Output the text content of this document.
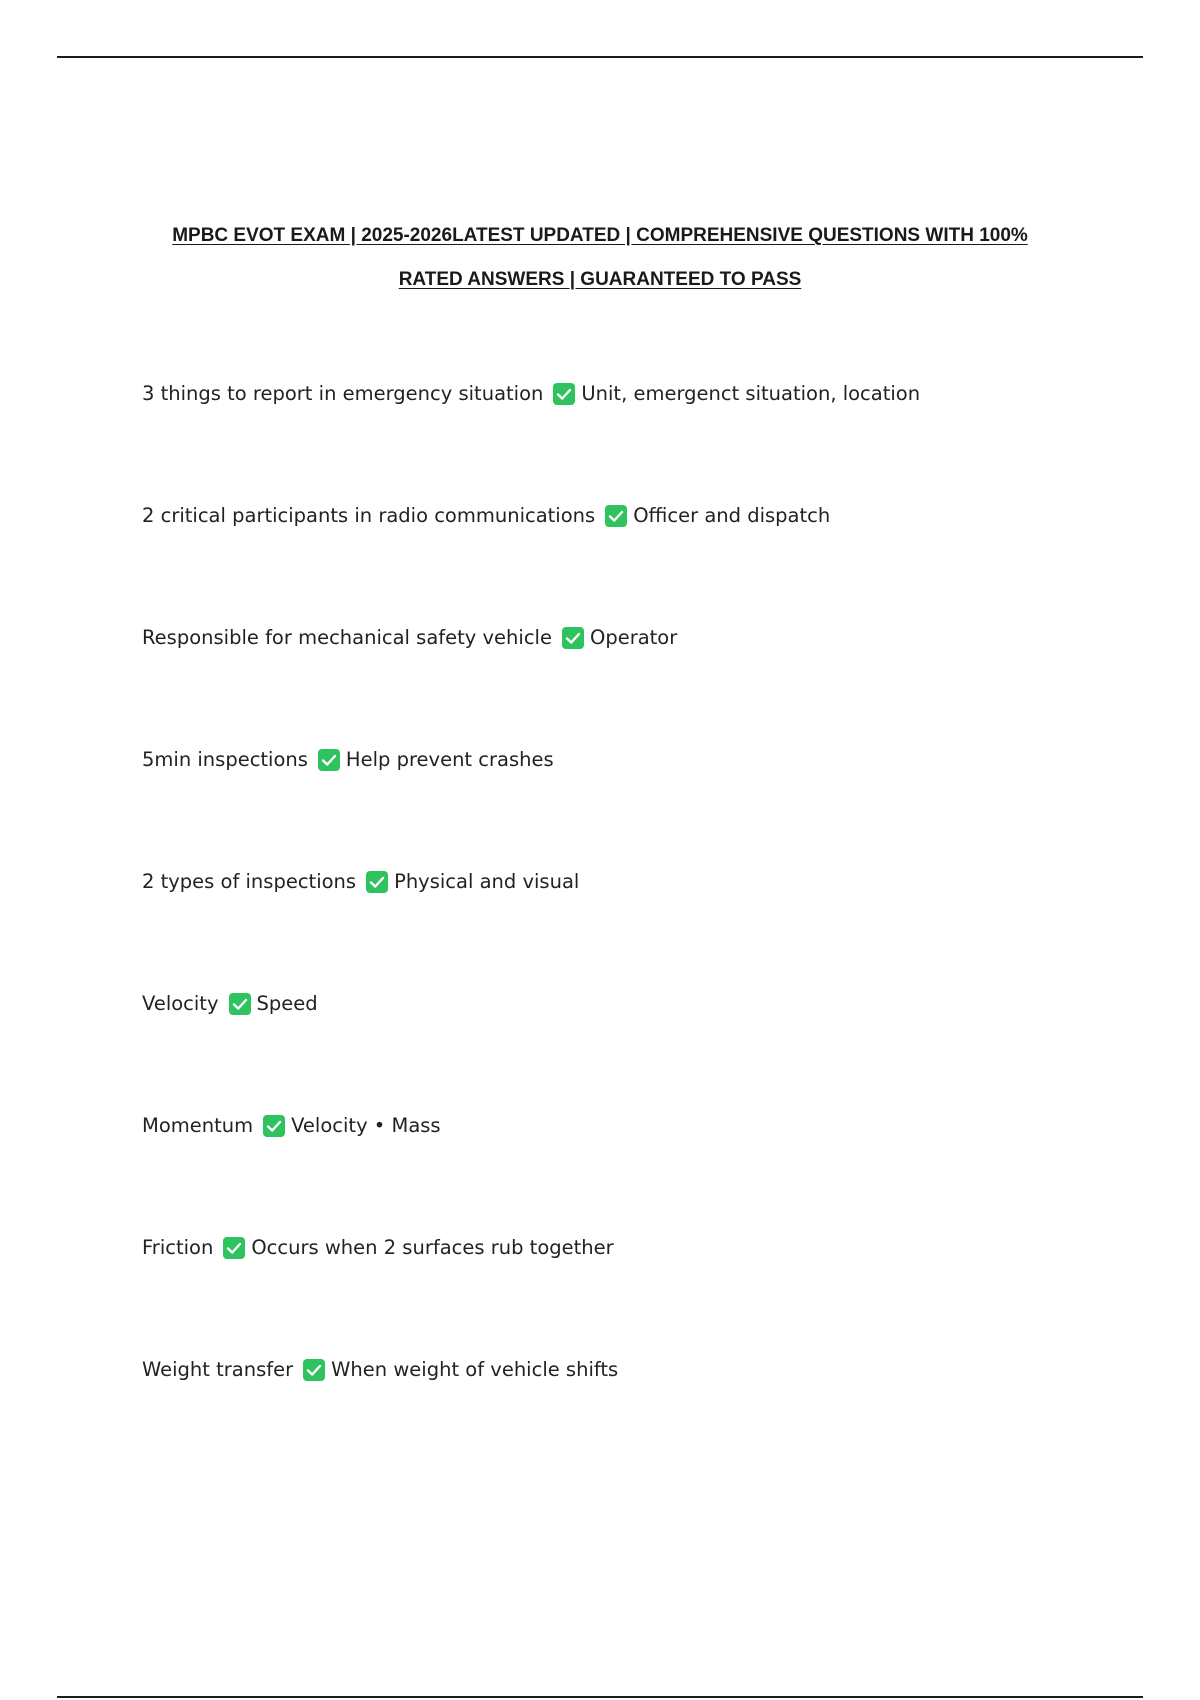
MPBC EVOT EXAM | 2025-2026LATEST UPDATED | COMPREHENSIVE QUESTIONS WITH 100%
RATED ANSWERS | GUARANTEED TO PASS
3 things to report in emergency situation Unit, emergenct situation, location
2 critical participants in radio communications Officer and dispatch
Responsible for mechanical safety vehicle Operator
5min inspections Help prevent crashes
2 types of inspections Physical and visual
Velocity Speed
Momentum Velocity • Mass
Friction Occurs when 2 surfaces rub together
Weight transfer When weight of vehicle shifts
